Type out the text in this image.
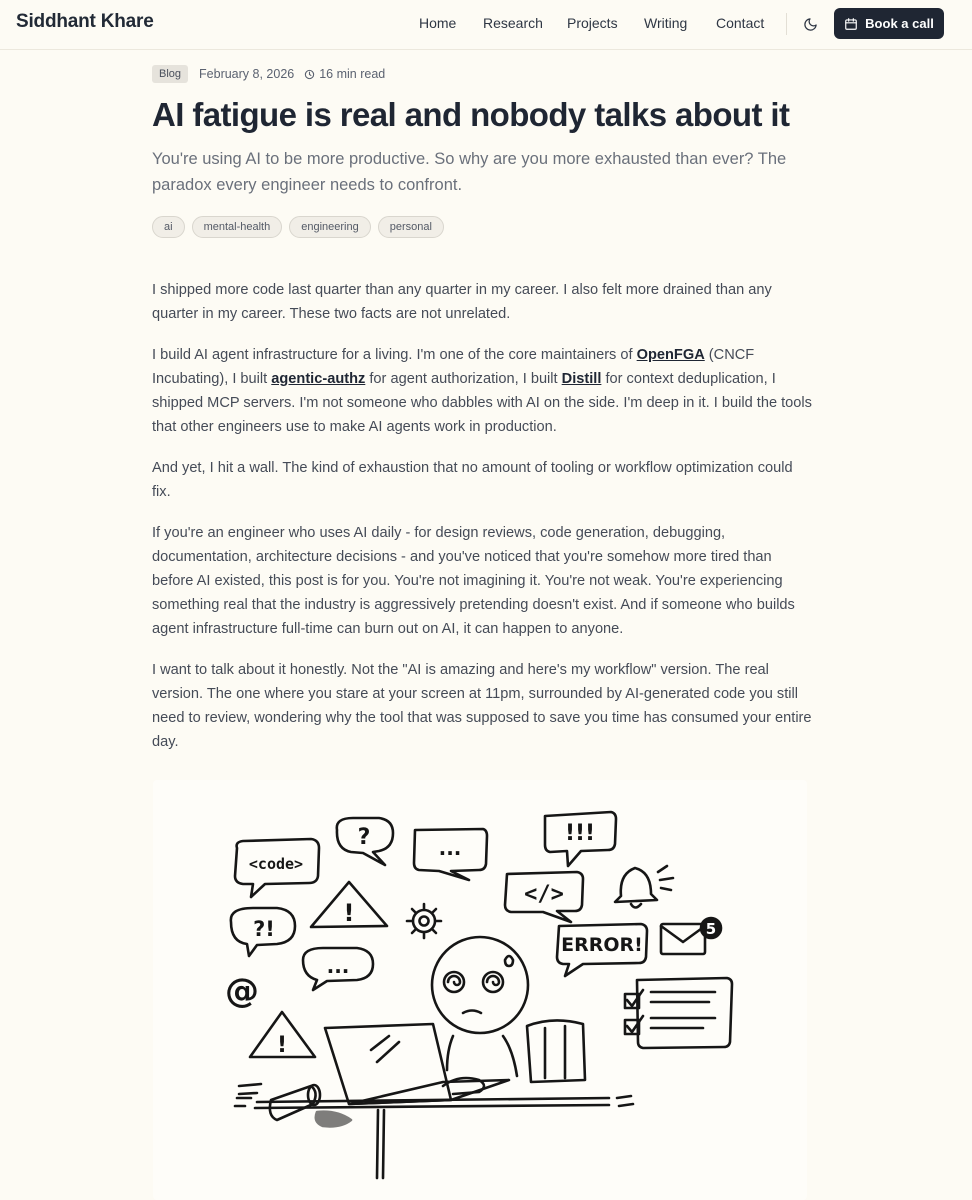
Siddhant Khare	Home Research Projects Writing Contact	Book a call
Blog	February 8, 2026 16 min read
AI fatigue is real and nobody talks about it

You're using AI to be more productive. So why are you more exhausted than ever? The paradox every engineer needs to confront.

ai	mental-health	engineering	personal

I shipped more code last quarter than any quarter in my career. I also felt more drained than any quarter in my career. These two facts are not unrelated.

I build AI agent infrastructure for a living. I'm one of the core maintainers of OpenFGA (CNCF Incubating), I built agentic-authz for agent authorization, I built Distill for context deduplication, I shipped MCP servers. I'm not someone who dabbles with AI on the side. I'm deep in it. I build the tools that other engineers use to make AI agents work in production.

And yet, I hit a wall. The kind of exhaustion that no amount of tooling or workflow optimization could fix.

If you're an engineer who uses AI daily - for design reviews, code generation, debugging, documentation, architecture decisions - and you've noticed that you're somehow more tired than before AI existed, this post is for you. You're not imagining it. You're not weak. You're experiencing something real that the industry is aggressively pretending doesn't exist. And if someone who builds agent infrastructure full-time can burn out on AI, it can happen to anyone.

I want to talk about it honestly. Not the "AI is amazing and here's my workflow" version. The real version. The one where you stare at your screen at 11pm, surrounded by AI-generated code you still need to review, wondering why the tool that was supposed to save you time has consumed your entire day.

<code>
?	...
!!!
</>
ERROR!
5
?!
!
...
@
!
